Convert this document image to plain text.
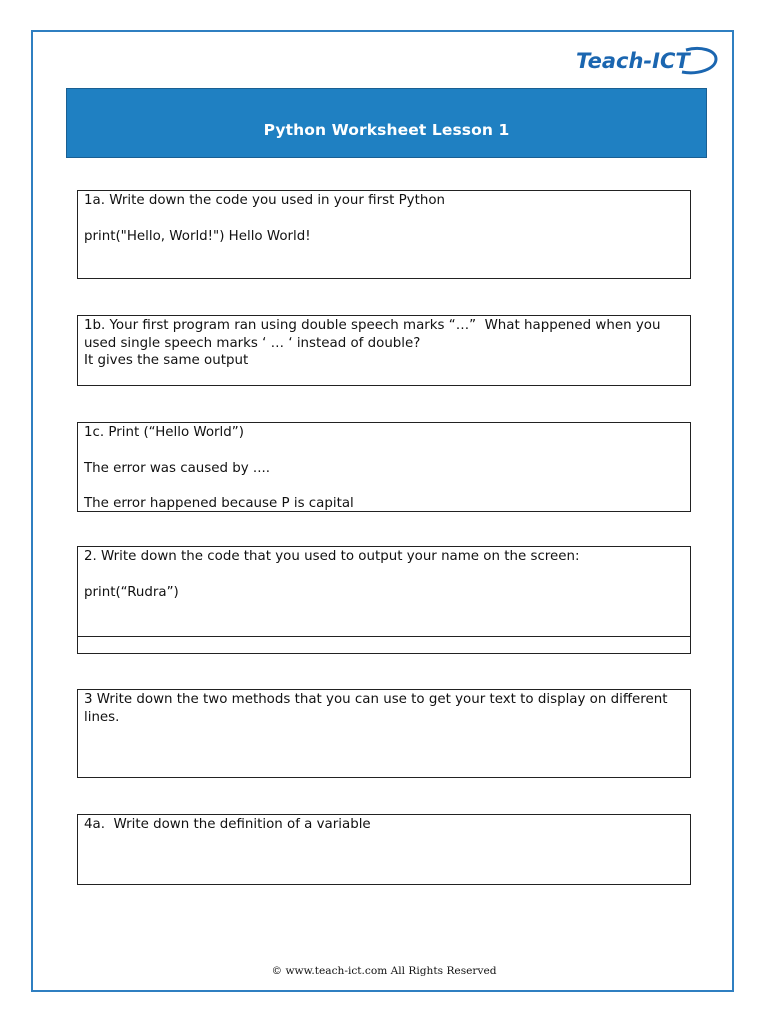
Teach-ICT
Python Worksheet Lesson 1

1a. Write down the code you used in your first Python

print("Hello, World!") Hello World!

1b. Your first program ran using double speech marks “…”  What happened when you

used single speech marks ‘ … ‘ instead of double?

It gives the same output

1c. Print (“Hello World”)

The error was caused by ....

The error happened because P is capital

2. Write down the code that you used to output your name on the screen:

print(“Rudra”)

3 Write down the two methods that you can use to get your text to display on different

lines.

4a.  Write down the definition of a variable

© www.teach-ict.com All Rights Reserved
